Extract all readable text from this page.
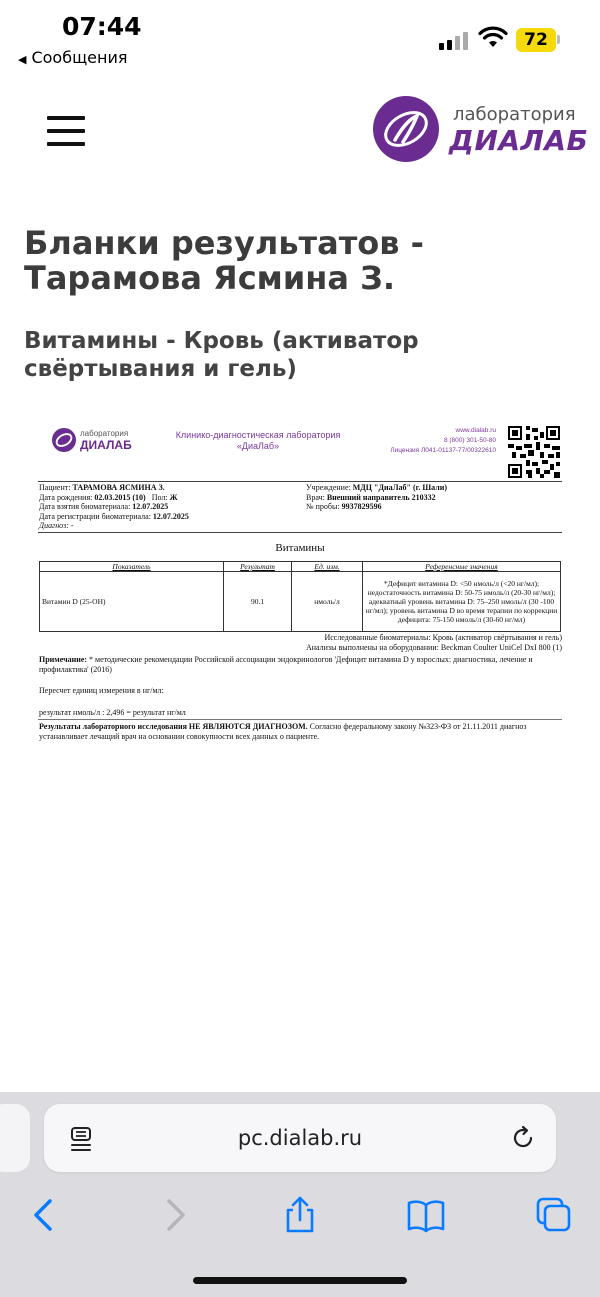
07:44
◀ Сообщения
72
лаборатория
ДИАЛАБ
Бланки результатов - Тарамова Ясмина З.
Витамины - Кровь (активатор свёртывания и гель)
лаборатория
ДИАЛАБ
Клинико-диагностическая лаборатория
«ДиаЛаб»
www.dialab.ru
8 (800) 301-50-80
Лицензия Л041-01137-77/00322610
Пациент: ТАРАМОВА ЯСМИНА З.
Дата рождения: 02.03.2015 (10) Пол: Ж
Дата взятия биоматериала: 12.07.2025
Дата регистрации биоматериала: 12.07.2025
Диагноз: -
Учреждение: МДЦ "ДиаЛаб" (г. Шали)
Врач: Внешний направитель 210332
№ пробы: 9937829596
Витамины
Показатель	Результат	Ед. изм.	Референсные значения
Витамин D (25-OH)	90.1	нмоль/л	*Дефицит витамина D: <50 нмоль/л (<20 нг/мл); недостаточность витамина D: 50-75 нмоль/л (20-30 нг/мл); адекватный уровень витамина D: 75–250 нмоль/л (30 -100 нг/мл); уровень витамина D во время терапии по коррекции дефицита: 75-150 нмоль/л (30-60 нг/мл)
Исследованные биоматериалы: Кровь (активатор свёртывания и гель)
Анализы выполнены на оборудовании: Beckman Coulter UniCel DxI 800 (1)
Примечание: * методические рекомендации Российской ассоциации эндокринологов 'Дефицит витамина D у взрослых: диагностика, лечение и профилактика' (2016)
Пересчет единиц измерения в нг/мл:
результат нмоль/л : 2,496 = результат нг/мл
Результаты лабораторного исследования НЕ ЯВЛЯЮТСЯ ДИАГНОЗОМ. Согласно федеральному закону №323-ФЗ от 21.11.2011 диагноз устанавливает лечащий врач на основании совокупности всех данных о пациенте.
pc.dialab.ru
